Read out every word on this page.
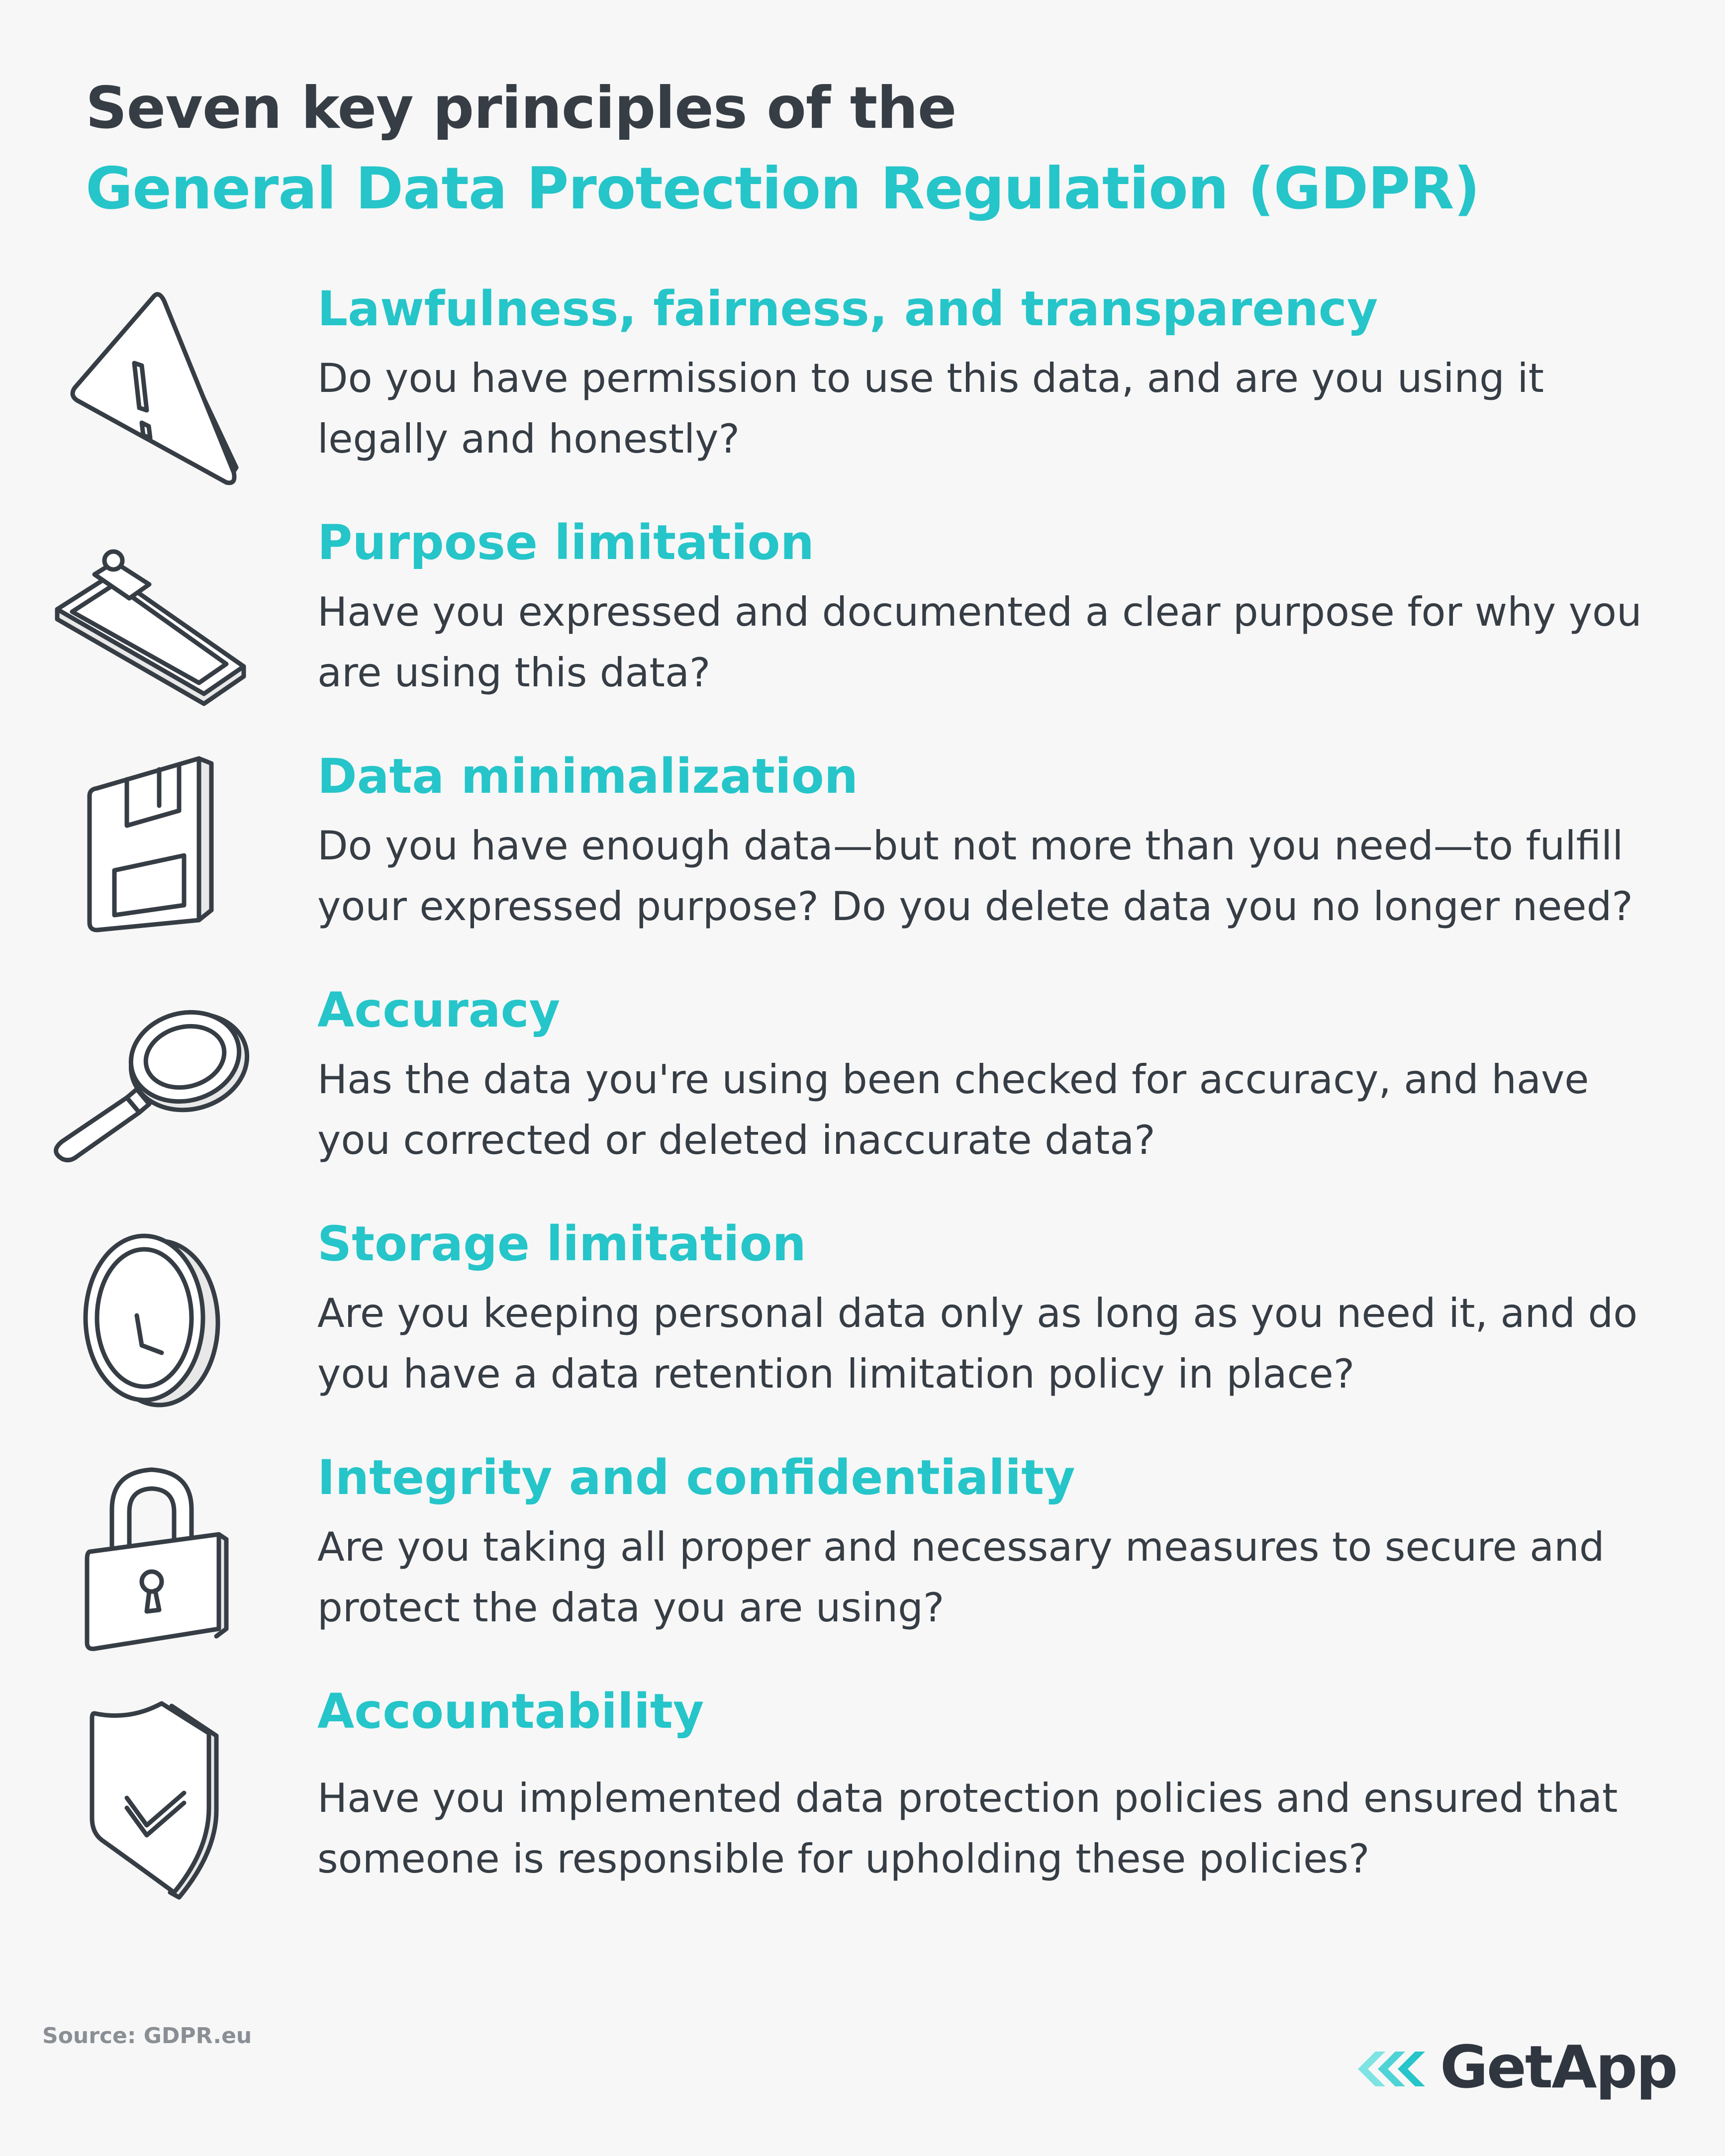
Seven key principles of the
General Data Protection Regulation (GDPR)
Lawfulness, fairness, and transparency
Do you have permission to use this data, and are you using it legally and honestly?
Purpose limitation
Have you expressed and documented a clear purpose for why you are using this data?
Data minimalization
Do you have enough data—but not more than you need—to fulfill your expressed purpose? Do you delete data you no longer need?
Accuracy
Has the data you're using been checked for accuracy, and have you corrected or deleted inaccurate data?
Storage limitation
Are you keeping personal data only as long as you need it, and do you have a data retention limitation policy in place?
Integrity and confidentiality
Are you taking all proper and necessary measures to secure and protect the data you are using?
Accountability
Have you implemented data protection policies and ensured that someone is responsible for upholding these policies?
Source: GDPR.eu	GetApp
